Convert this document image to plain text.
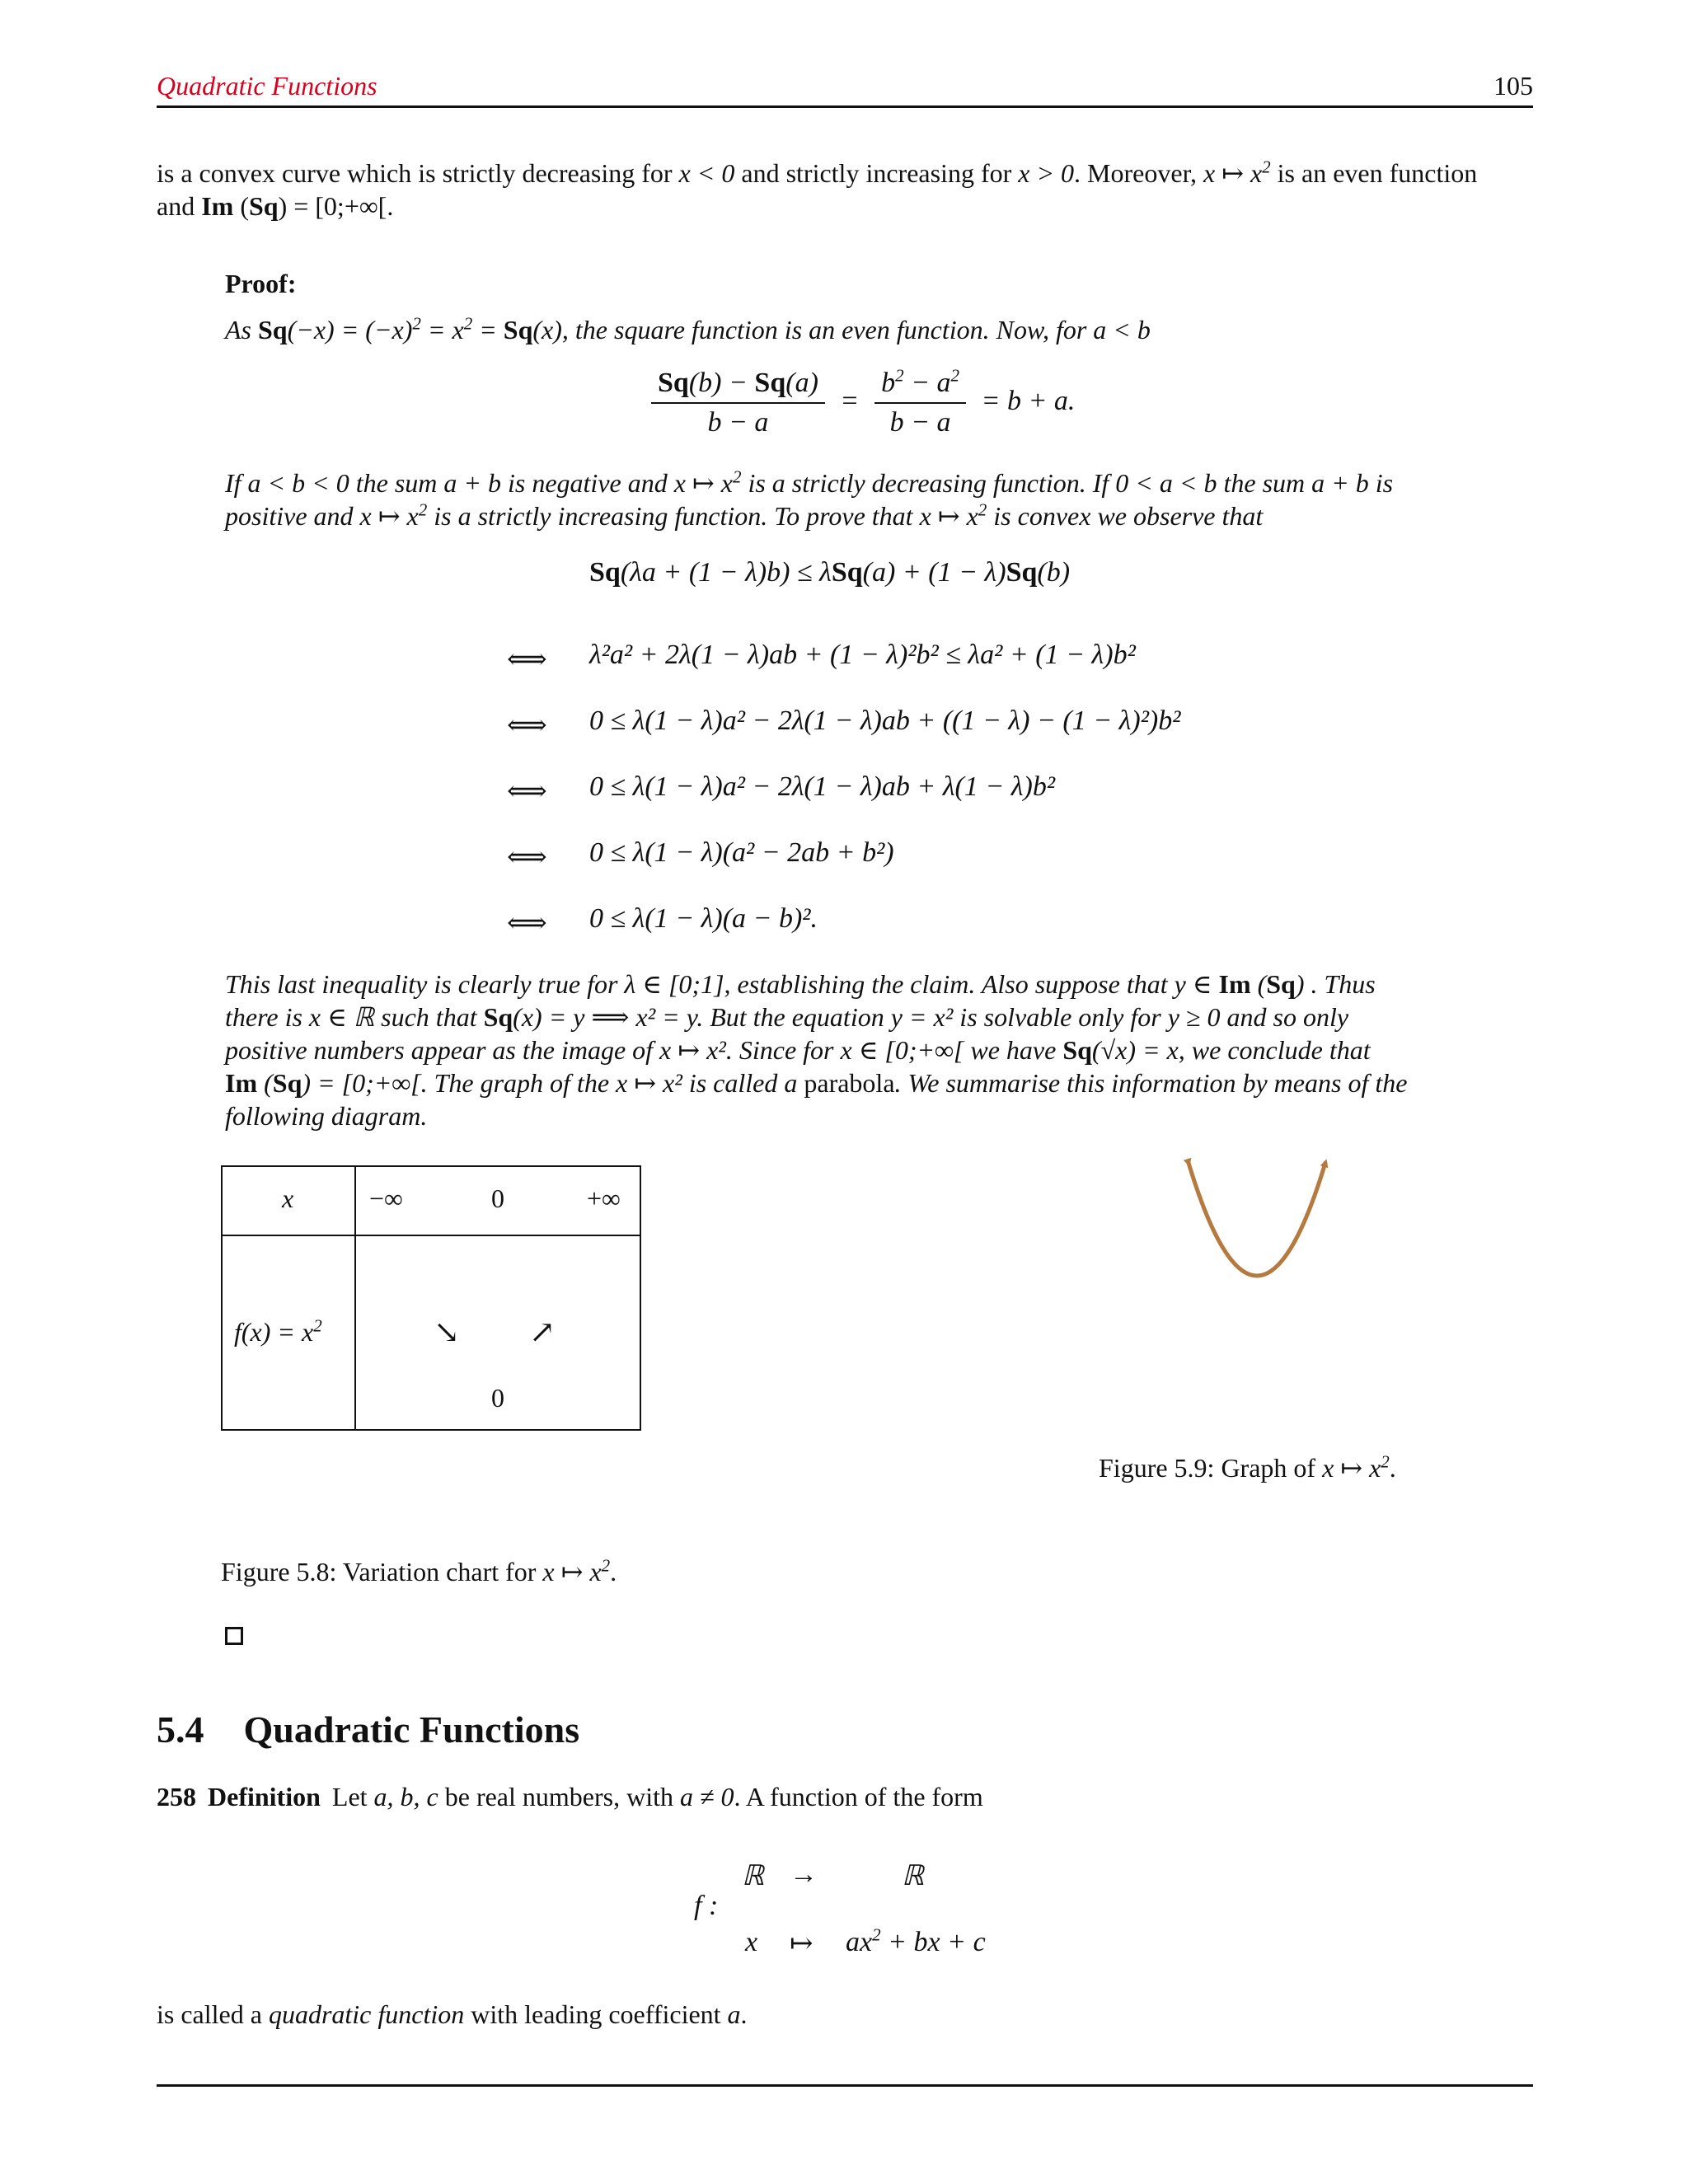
Quadratic Functions	105
is a convex curve which is strictly decreasing for x < 0 and strictly increasing for x > 0. Moreover, x ↦ $x^2$ is an even function
and Im (Sq) = [0;+∞[.
Proof:
As $Sq(-x) = (-x)^2 = x^2 = Sq(x)$, the square function is an even function. Now, for a < b
$\frac{Sq(b) - Sq(a)}{b - a} = \frac{b^2 - a^2}{b - a} = b + a$.
If a < b < 0 the sum a + b is negative and x ↦ $x^2$ is a strictly decreasing function. If 0 < a < b the sum a + b is
positive and x ↦ $x^2$ is a strictly increasing function. To prove that x ↦ $x^2$ is convex we observe that
Sq(λa + (1 − λ)b) ≤ λSq(a) + (1 − λ)Sq(b)
⟺ λ²a² + 2λ(1 − λ)ab + (1 − λ)²b² ≤ λa² + (1 − λ)b²
⟺ 0 ≤ λ(1 − λ)a² − 2λ(1 − λ)ab + ((1 − λ) − (1 − λ)²)b²
⟺ 0 ≤ λ(1 − λ)a² − 2λ(1 − λ)ab + λ(1 − λ)b²
⟺ 0 ≤ λ(1 − λ)(a² − 2ab + b²)
⟺ 0 ≤ λ(1 − λ)(a − b)².
This last inequality is clearly true for λ ∈ [0;1], establishing the claim. Also suppose that y ∈ Im (Sq) . Thus
there is x ∈ ℝ such that Sq(x) = y ⟹ x² = y. But the equation y = x² is solvable only for y ≥ 0 and so only
positive numbers appear as the image of x ↦ x². Since for x ∈ [0;+∞[ we have Sq(√x) = x, we conclude that
Im (Sq) = [0;+∞[. The graph of the x ↦ x² is called a parabola. We summarise this information by means of the
following diagram.
x	−∞	0	+∞
$f(x) = x^2$	↘ ↗
0
Figure 5.9: Graph of x ↦ $x^2$.
Figure 5.8: Variation chart for x ↦ $x^2$.
5.4 Quadratic Functions
258 Definition Let a, b, c be real numbers, with a ≠ 0. A function of the form
f :
ℝ →	ℝ
x ↦ $ax^2$ + bx + c
is called a quadratic function with leading coefficient a.
